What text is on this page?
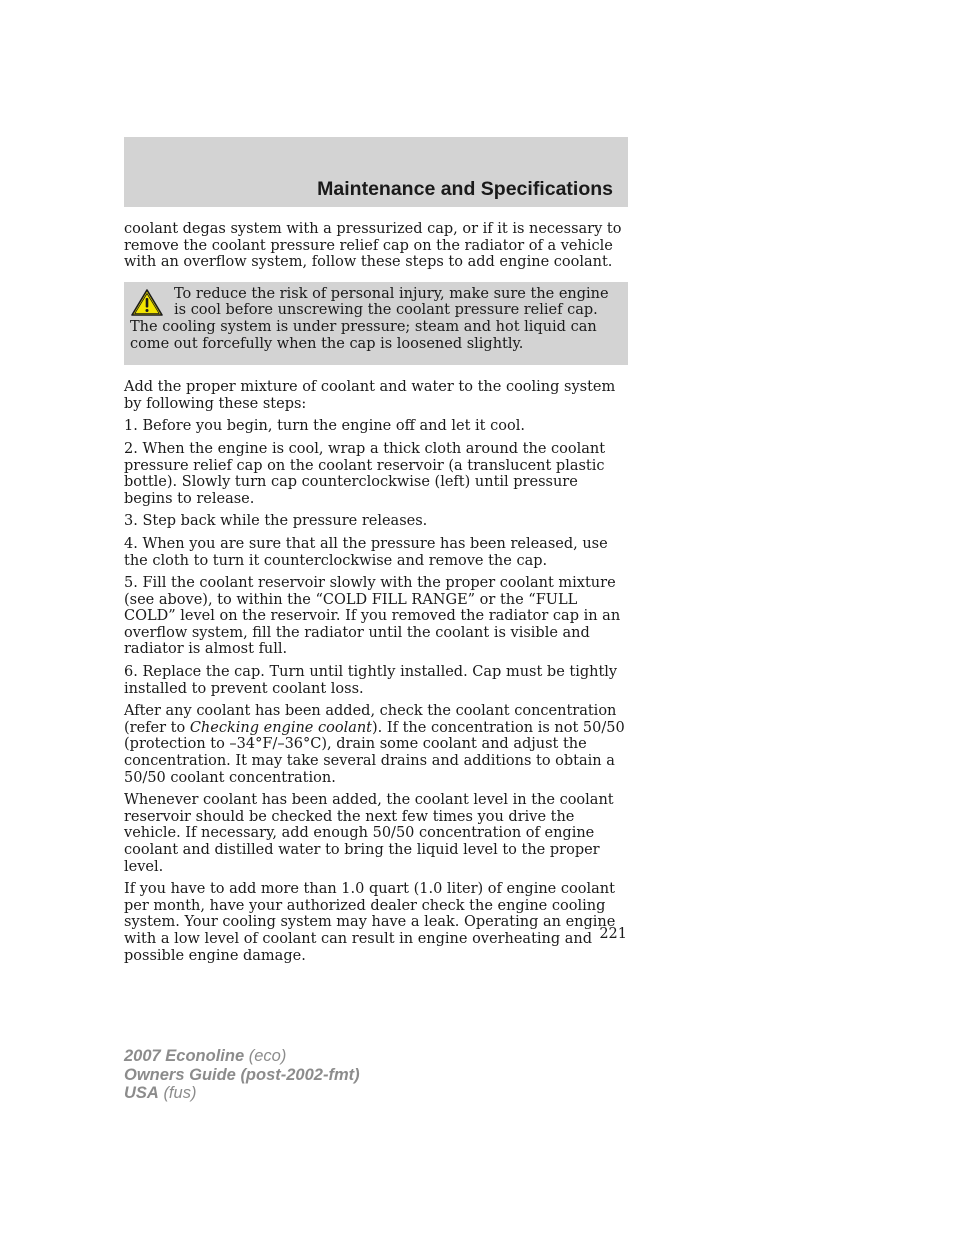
Maintenance and Specifications

coolant degas system with a pressurized cap, or if it is necessary to remove the coolant pressure relief cap on the radiator of a vehicle with an overflow system, follow these steps to add engine coolant.

To reduce the risk of personal injury, make sure the engine is cool before unscrewing the coolant pressure relief cap. The cooling system is under pressure; steam and hot liquid can come out forcefully when the cap is loosened slightly.

Add the proper mixture of coolant and water to the cooling system by following these steps:

1. Before you begin, turn the engine off and let it cool.

2. When the engine is cool, wrap a thick cloth around the coolant pressure relief cap on the coolant reservoir (a translucent plastic bottle). Slowly turn cap counterclockwise (left) until pressure begins to release.

3. Step back while the pressure releases.

4. When you are sure that all the pressure has been released, use the cloth to turn it counterclockwise and remove the cap.

5. Fill the coolant reservoir slowly with the proper coolant mixture (see above), to within the “COLD FILL RANGE” or the “FULL COLD” level on the reservoir. If you removed the radiator cap in an overflow system, fill the radiator until the coolant is visible and radiator is almost full.

6. Replace the cap. Turn until tightly installed. Cap must be tightly installed to prevent coolant loss.

After any coolant has been added, check the coolant concentration (refer to Checking engine coolant). If the concentration is not 50/50 (protection to –34°F/–36°C), drain some coolant and adjust the concentration. It may take several drains and additions to obtain a 50/50 coolant concentration.

Whenever coolant has been added, the coolant level in the coolant reservoir should be checked the next few times you drive the vehicle. If necessary, add enough 50/50 concentration of engine coolant and distilled water to bring the liquid level to the proper level.

If you have to add more than 1.0 quart (1.0 liter) of engine coolant per month, have your authorized dealer check the engine cooling system. Your cooling system may have a leak. Operating an engine with a low level of coolant can result in engine overheating and possible engine damage.

221
2007 Econoline (eco)
Owners Guide (post-2002-fmt)
USA (fus)
